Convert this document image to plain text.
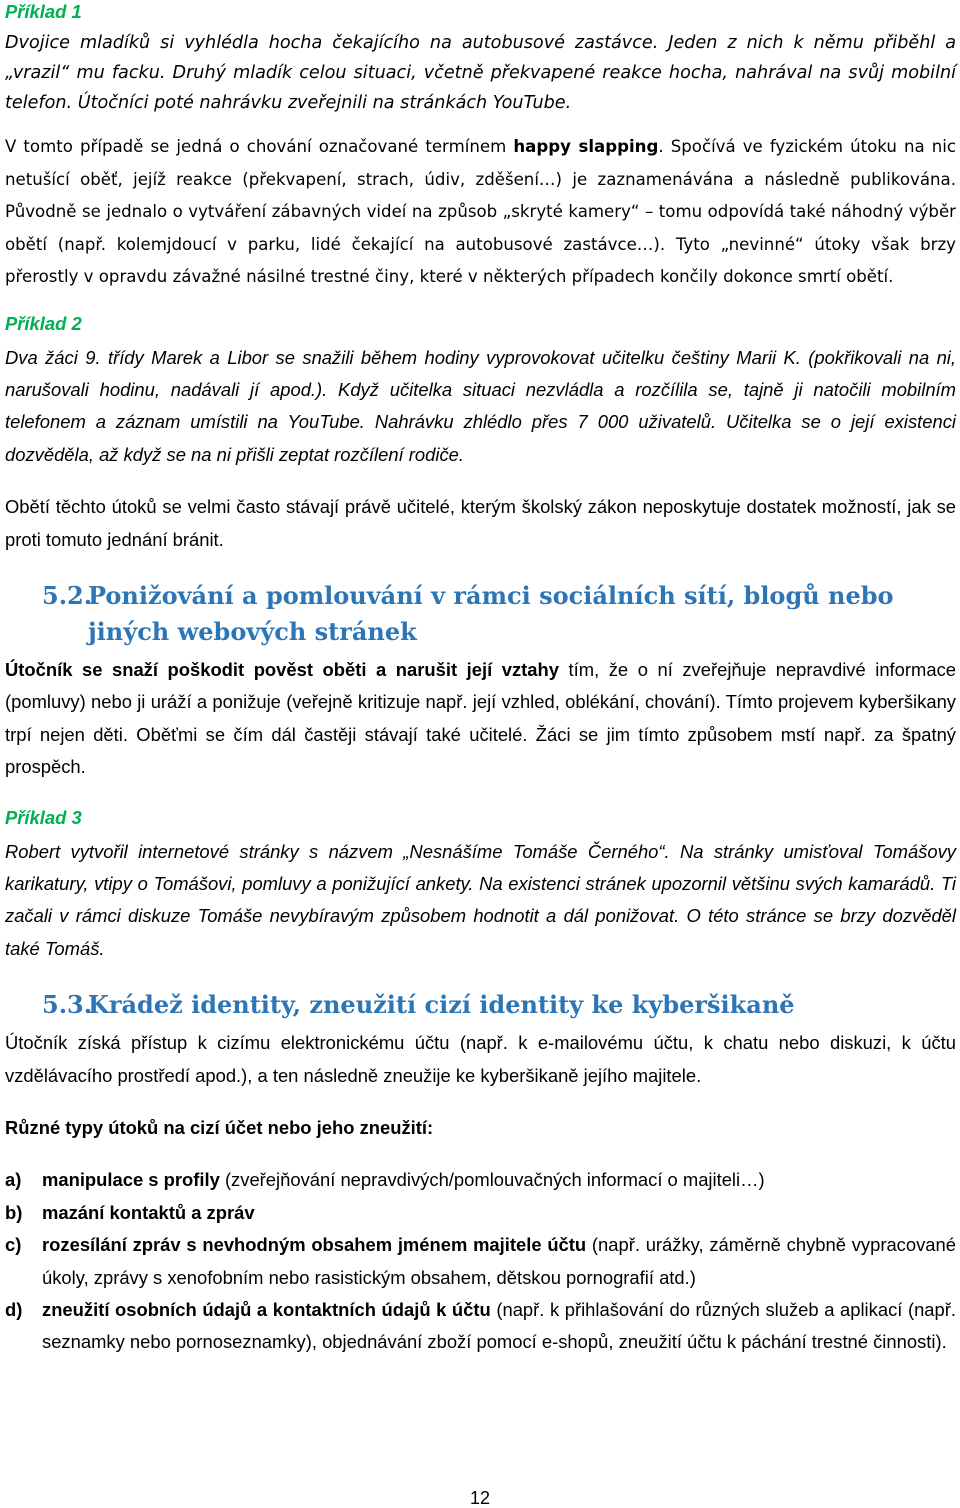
Příklad 1

Dvojice mladíků si vyhlédla hocha čekajícího na autobusové zastávce. Jeden z nich k němu přiběhl a „vrazil“ mu facku. Druhý mladík celou situaci, včetně překvapené reakce hocha, nahrával na svůj mobilní telefon. Útočníci poté nahrávku zveřejnili na stránkách YouTube.

V tomto případě se jedná o chování označované termínem happy slapping. Spočívá ve fyzickém útoku na nic netušící oběť, jejíž reakce (překvapení, strach, údiv, zděšení…) je zaznamenávána a následně publikována. Původně se jednalo o vytváření zábavných videí na způsob „skryté kamery“ – tomu odpovídá také náhodný výběr obětí (např. kolemjdoucí v parku, lidé čekající na autobusové zastávce…). Tyto „nevinné“ útoky však brzy přerostly v opravdu závažné násilné trestné činy, které v některých případech končily dokonce smrtí obětí.

Příklad 2

Dva žáci 9. třídy Marek a Libor se snažili během hodiny vyprovokovat učitelku češtiny Marii K. (pokřikovali na ni, narušovali hodinu, nadávali jí apod.). Když učitelka situaci nezvládla a rozčílila se, tajně ji natočili mobilním telefonem a záznam umístili na YouTube. Nahrávku zhlédlo přes 7 000 uživatelů. Učitelka se o její existenci dozvěděla, až když se na ni přišli zeptat rozčílení rodiče.

Obětí těchto útoků se velmi často stávají právě učitelé, kterým školský zákon neposkytuje dostatek možností, jak se proti tomuto jednání bránit.

5.2.
Ponižování a pomlouvání v rámci sociálních sítí, blogů nebo jiných webových stránek

Útočník se snaží poškodit pověst oběti a narušit její vztahy tím, že o ní zveřejňuje nepravdivé informace (pomluvy) nebo ji uráží a ponižuje (veřejně kritizuje např. její vzhled, oblékání, chování). Tímto projevem kyberšikany trpí nejen děti. Oběťmi se čím dál častěji stávají také učitelé. Žáci se jim tímto způsobem mstí např. za špatný prospěch.

Příklad 3

Robert vytvořil internetové stránky s názvem „Nesnášíme Tomáše Černého“. Na stránky umisťoval Tomášovy karikatury, vtipy o Tomášovi, pomluvy a ponižující ankety. Na existenci stránek upozornil většinu svých kamarádů. Ti začali v rámci diskuze Tomáše nevybíravým způsobem hodnotit a dál ponižovat. O této stránce se brzy dozvěděl také Tomáš.

5.3.
Krádež identity, zneužití cizí identity ke kyberšikaně

Útočník získá přístup k cizímu elektronickému účtu (např. k e-mailovému účtu, k chatu nebo diskuzi, k účtu vzdělávacího prostředí apod.), a ten následně zneužije ke kyberšikaně jejího majitele.

Různé typy útoků na cizí účet nebo jeho zneužití:

a) manipulace s profily (zveřejňování nepravdivých/pomlouvačných informací o majiteli…)

b) mazání kontaktů a zpráv

c) rozesílání zpráv s nevhodným obsahem jménem majitele účtu (např. urážky, záměrně chybně vypracované úkoly, zprávy s xenofobním nebo rasistickým obsahem, dětskou pornografií atd.)

d) zneužití osobních údajů a kontaktních údajů k účtu (např. k přihlašování do různých služeb a aplikací (např. seznamky nebo pornoseznamky), objednávání zboží pomocí e-shopů, zneužití účtu k páchání trestné činnosti).

12
